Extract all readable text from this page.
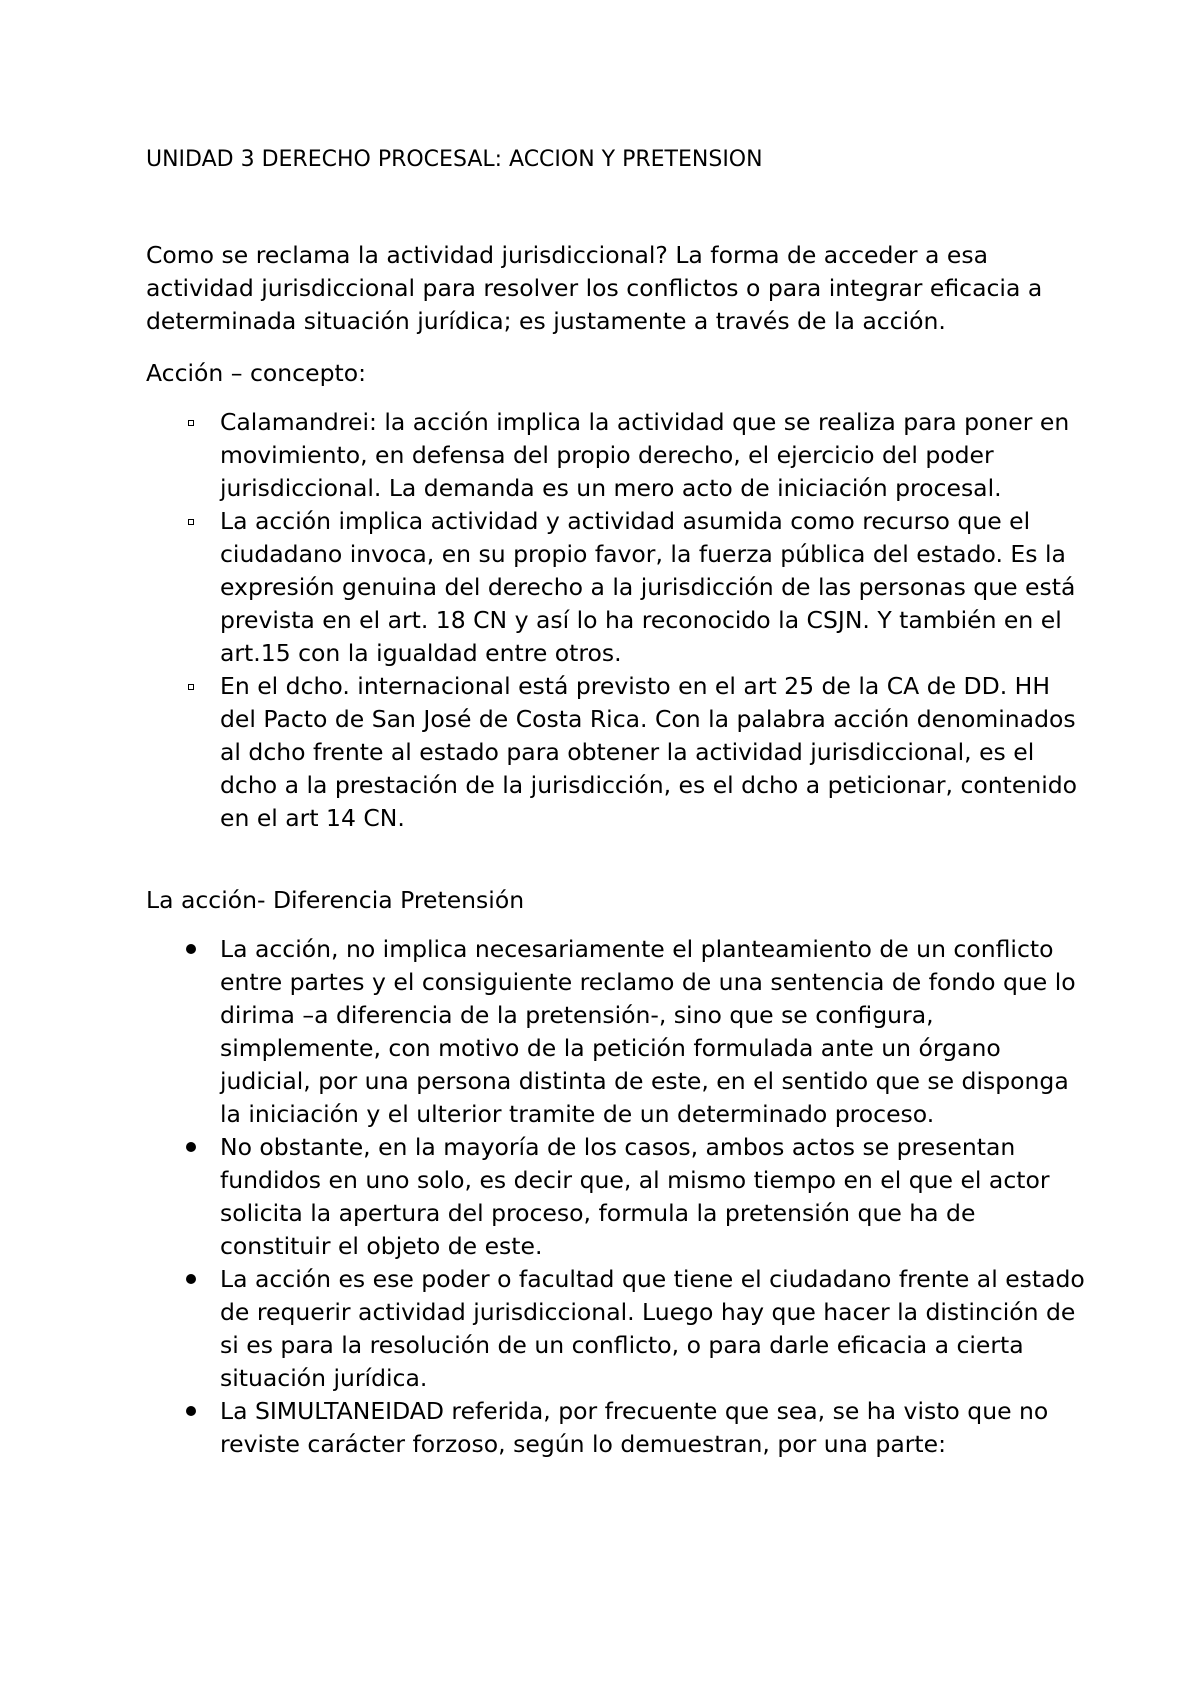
UNIDAD 3 DERECHO PROCESAL: ACCION Y PRETENSION

Como se reclama la actividad jurisdiccional? La forma de acceder a esa actividad jurisdiccional para resolver los conflictos o para integrar eficacia a determinada situación jurídica; es justamente a través de la acción.

Acción – concepto:
Calamandrei: la acción implica la actividad que se realiza para poner en movimiento, en defensa del propio derecho, el ejercicio del poder jurisdiccional. La demanda es un mero acto de iniciación procesal.
La acción implica actividad y actividad asumida como recurso que el ciudadano invoca, en su propio favor, la fuerza pública del estado. Es la expresión genuina del derecho a la jurisdicción de las personas que está prevista en el art. 18 CN y así lo ha reconocido la CSJN. Y también en el art.15 con la igualdad entre otros.
En el dcho. internacional está previsto en el art 25 de la CA de DD. HH del Pacto de San José de Costa Rica. Con la palabra acción denominados al dcho frente al estado para obtener la actividad jurisdiccional, es el dcho a la prestación de la jurisdicción, es el dcho a peticionar, contenido en el art 14 CN.
La acción- Diferencia Pretensión
La acción, no implica necesariamente el planteamiento de un conflicto entre partes y el consiguiente reclamo de una sentencia de fondo que lo dirima –a diferencia de la pretensión-, sino que se configura, simplemente, con motivo de la petición formulada ante un órgano judicial, por una persona distinta de este, en el sentido que se disponga la iniciación y el ulterior tramite de un determinado proceso.
No obstante, en la mayoría de los casos, ambos actos se presentan fundidos en uno solo, es decir que, al mismo tiempo en el que el actor solicita la apertura del proceso, formula la pretensión que ha de constituir el objeto de este.
La acción es ese poder o facultad que tiene el ciudadano frente al estado de requerir actividad jurisdiccional. Luego hay que hacer la distinción de si es para la resolución de un conflicto, o para darle eficacia a cierta situación jurídica.
La SIMULTANEIDAD referida, por frecuente que sea, se ha visto que no reviste carácter forzoso, según lo demuestran, por una parte:
